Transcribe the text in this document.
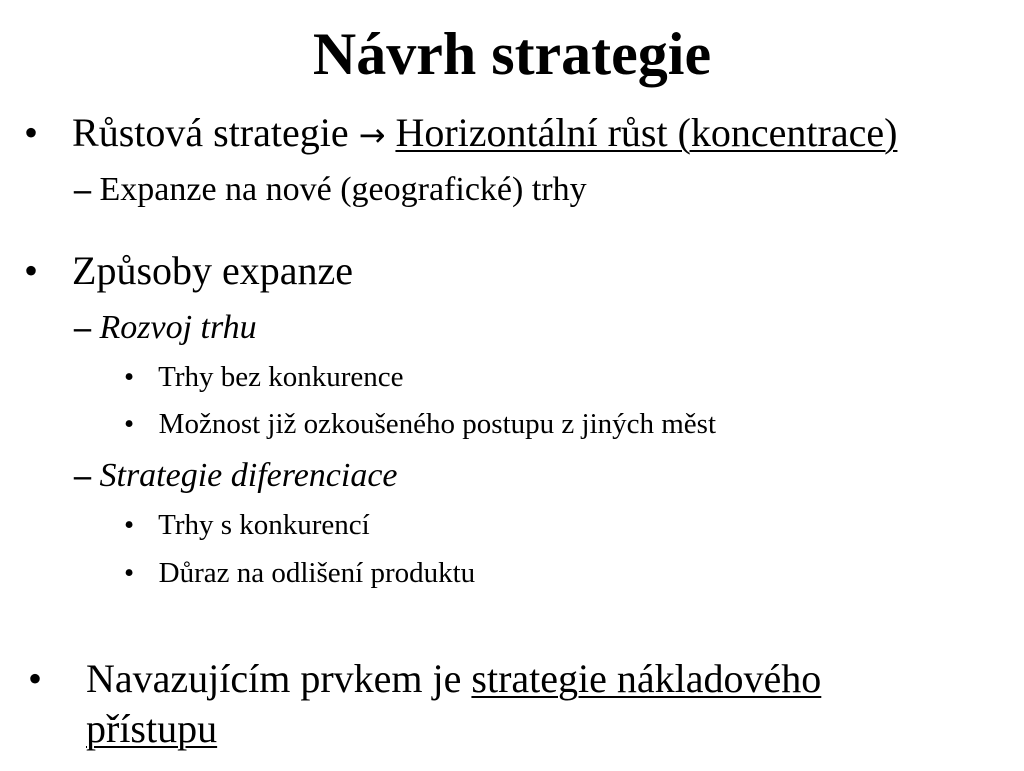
Návrh strategie
• Růstová strategie → Horizontální růst (koncentrace)
– Expanze na nové (geografické) trhy
• Způsoby expanze
– Rozvoj trhu
• Trhy bez konkurence
• Možnost již ozkoušeného postupu z jiných měst
– Strategie diferenciace
• Trhy s konkurencí
• Důraz na odlišení produktu
• Navazujícím prvkem je strategie nákladového
přístupu
